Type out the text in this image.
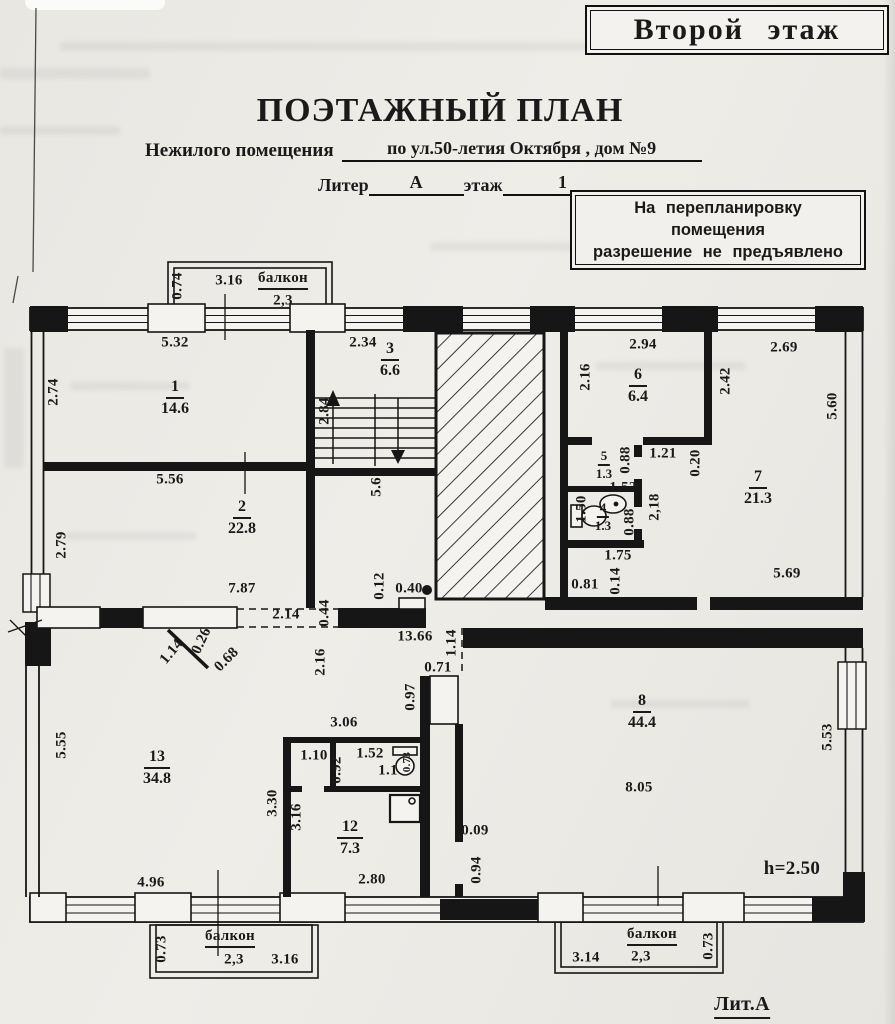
Второй этаж
ПОЭТАЖНЫЙ ПЛАН
Нежилого помещения	по ул.50-летия Октября , дом №9
Литер	А	этаж	1
На перепланировку
помещения
разрешение не предъявлено
5.32
2.74
2.34
2.84
5.61
5.56
2.79
7.87
2.14 0.44
0.12 0.40
2.16
2.94
2.42
2.69
5.60
0.88 1.21 0.20
1.52
1.50 0.88
2,18
1.75
0.14
0.81
5.69
13.66
1.14 0.26
0.68	2.16
1.14
0.71
0.97
3.06
1.10
0.92
1.52
1.1 0.73
3.30
3.16	0.09
0.94
5.55
4.96	2.80
8.05
5.53
h=2.50
1
14.6
2
22.8
3
6.6
5
1.3
4
1.3
6
6.4
7
21.3
8
44.4
12
7.3
13
34.8
0.74 3.16 балкон
2,3
0.73 балкон
2,3 3.16	3.14
балкон
2,3	0.73
Лит.А
